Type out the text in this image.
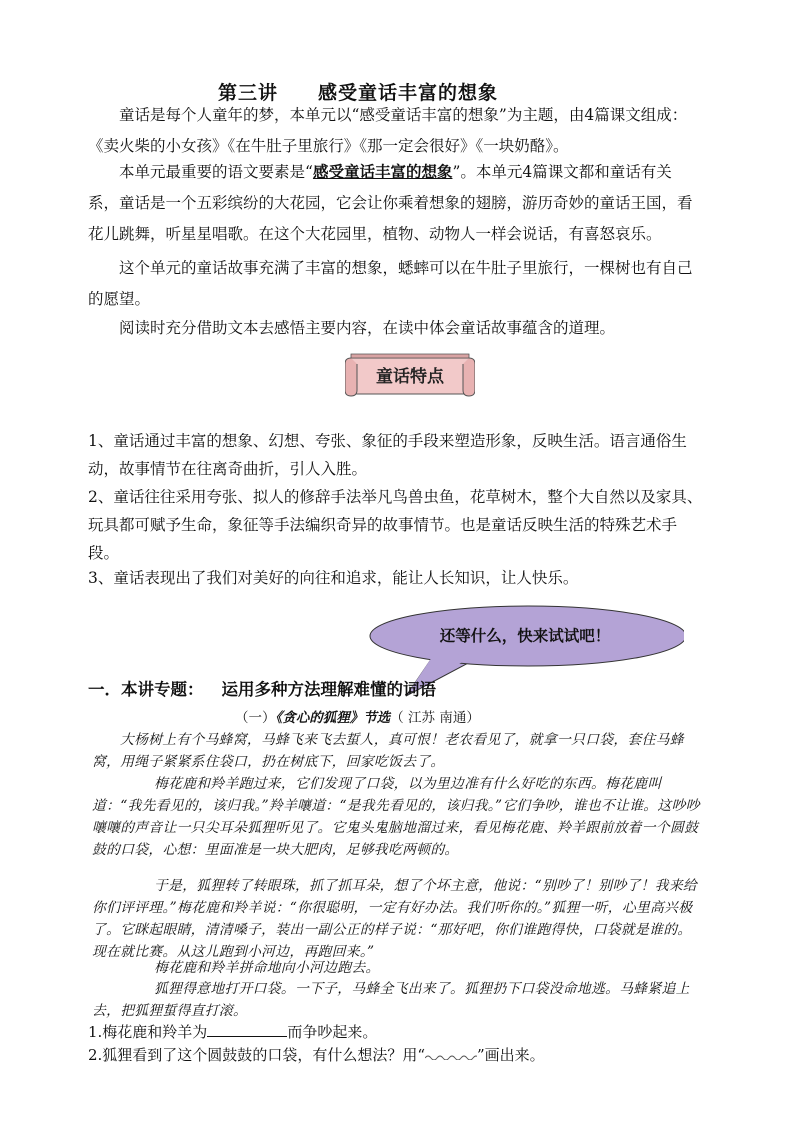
第三讲 感受童话丰富的想象
童话是每个人童年的梦，本单元以“感受童话丰富的想象”为主题，由4篇课文组成：《卖火柴的小女孩》《在牛肚子里旅行》《那一定会很好》《一块奶酪》。
本单元最重要的语文要素是“感受童话丰富的想象”。本单元4篇课文都和童话有关系，童话是一个五彩缤纷的大花园，它会让你乘着想象的翅膀，游历奇妙的童话王国，看花儿跳舞，听星星唱歌。在这个大花园里，植物、动物人一样会说话，有喜怒哀乐。
这个单元的童话故事充满了丰富的想象，蟋蟀可以在牛肚子里旅行，一棵树也有自己的愿望。
阅读时充分借助文本去感悟主要内容，在读中体会童话故事蕴含的道理。
童话特点
1、童话通过丰富的想象、幻想、夸张、象征的手段来塑造形象，反映生活。语言通俗生动，故事情节在往离奇曲折，引人入胜。
2、童话往往采用夸张、拟人的修辞手法举凡鸟兽虫鱼，花草树木，整个大自然以及家具、玩具都可赋予生命，象征等手法编织奇异的故事情节。也是童话反映生活的特殊艺术手段。
3、童话表现出了我们对美好的向往和追求，能让人长知识，让人快乐。
还等什么，快来试试吧！
一．本讲专题： 运用多种方法理解难懂的词语
（一）《贪心的狐狸》节选（ 江苏 南通）
大杨树上有个马蜂窝，马蜂飞来飞去蜇人，真可恨！老农看见了，就拿一只口袋，套住马蜂窝，用绳子紧紧系住袋口，扔在树底下，回家吃饭去了。
梅花鹿和羚羊跑过来，它们发现了口袋，以为里边准有什么好吃的东西。梅花鹿叫道：“我先看见的，该归我。”羚羊嚷道：“是我先看见的，该归我。”它们争吵，谁也不让谁。这吵吵嚷嚷的声音让一只尖耳朵狐狸听见了。它鬼头鬼脑地溜过来，看见梅花鹿、羚羊跟前放着一个圆鼓鼓的口袋，心想：里面准是一块大肥肉，足够我吃两顿的。
于是，狐狸转了转眼珠，抓了抓耳朵，想了个坏主意，他说：“别吵了！别吵了！我来给你们评评理。”梅花鹿和羚羊说：“你很聪明，一定有好办法。我们听你的。”狐狸一听，心里高兴极了。它眯起眼睛，清清嗓子，装出一副公正的样子说：“那好吧，你们谁跑得快，口袋就是谁的。现在就比赛。从这儿跑到小河边，再跑回来。”
梅花鹿和羚羊拼命地向小河边跑去。
狐狸得意地打开口袋。一下子，马蜂全飞出来了。狐狸扔下口袋没命地逃。马蜂紧追上去，把狐狸蜇得直打滚。
1.梅花鹿和羚羊为	而争吵起来。
2.狐狸看到了这个圆鼓鼓的口袋，有什么想法？用“	”画出来。
